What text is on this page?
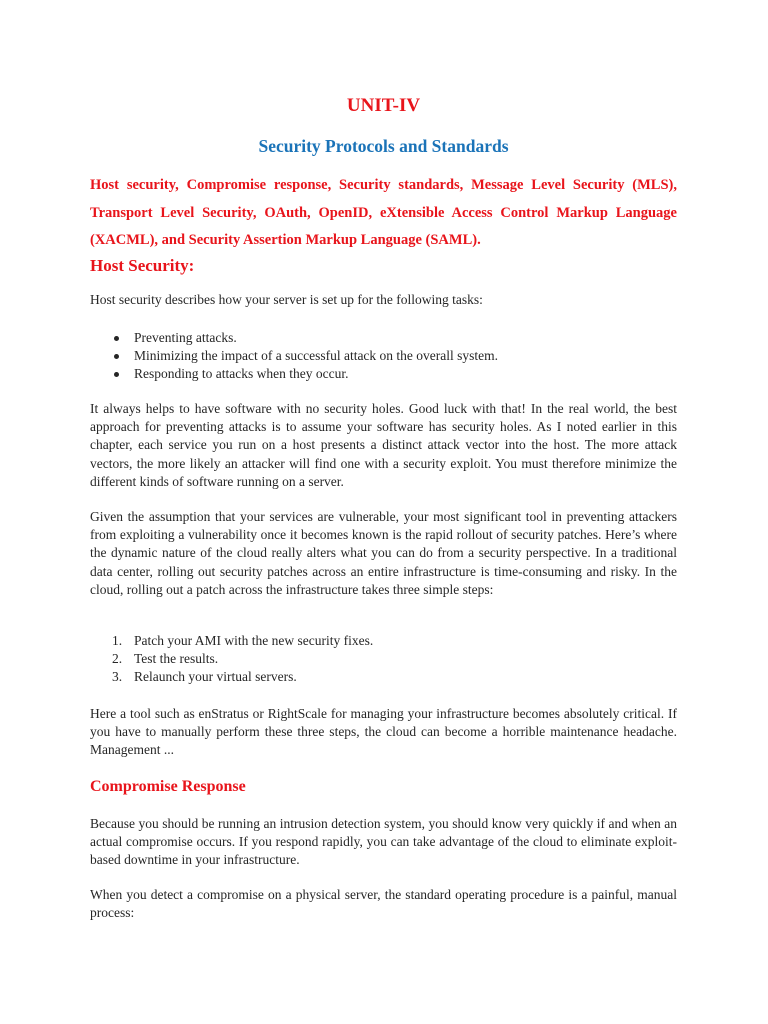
UNIT-IV
Security Protocols and Standards

Host security, Compromise response, Security standards, Message Level Security (MLS), Transport Level Security, OAuth, OpenID, eXtensible Access Control Markup Language (XACML), and Security Assertion Markup Language (SAML).

Host Security:

Host security describes how your server is set up for the following tasks:

Preventing attacks.
Minimizing the impact of a successful attack on the overall system.
Responding to attacks when they occur.

It always helps to have software with no security holes. Good luck with that! In the real world, the best approach for preventing attacks is to assume your software has security holes. As I noted earlier in this chapter, each service you run on a host presents a distinct attack vector into the host. The more attack vectors, the more likely an attacker will find one with a security exploit. You must therefore minimize the different kinds of software running on a server.

Given the assumption that your services are vulnerable, your most significant tool in preventing attackers from exploiting a vulnerability once it becomes known is the rapid rollout of security patches. Here’s where the dynamic nature of the cloud really alters what you can do from a security perspective. In a traditional data center, rolling out security patches across an entire infrastructure is time-consuming and risky. In the cloud, rolling out a patch across the infrastructure takes three simple steps:

1. Patch your AMI with the new security fixes.
2. Test the results.
3. Relaunch your virtual servers.

Here a tool such as enStratus or RightScale for managing your infrastructure becomes absolutely critical. If you have to manually perform these three steps, the cloud can become a horrible maintenance headache. Management ...

Compromise Response

Because you should be running an intrusion detection system, you should know very quickly if and when an actual compromise occurs. If you respond rapidly, you can take advantage of the cloud to eliminate exploit-based downtime in your infrastructure.

When you detect a compromise on a physical server, the standard operating procedure is a painful, manual process:
